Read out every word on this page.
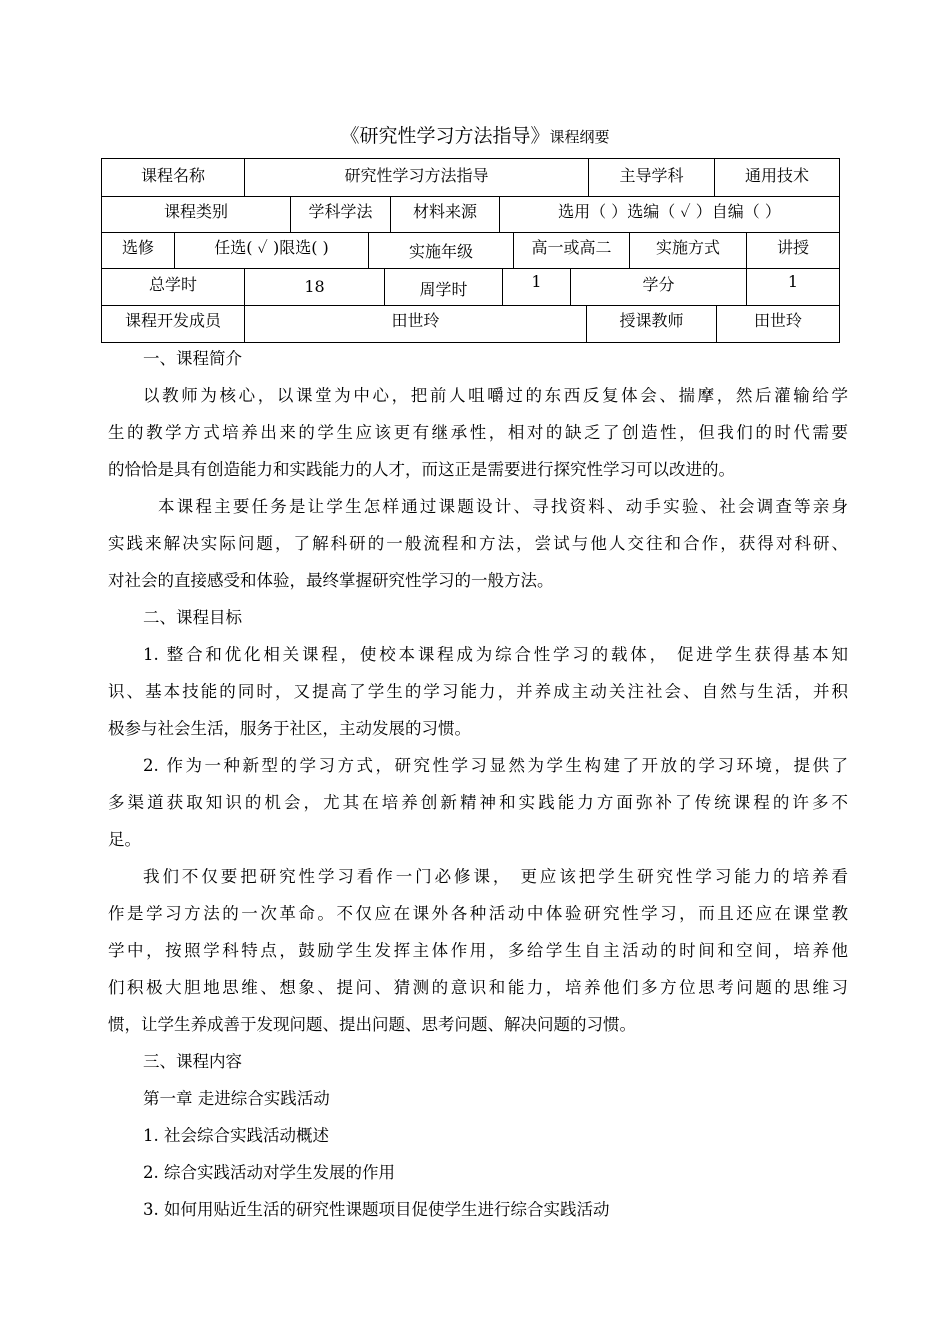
《研究性学习方法指导》课程纲要
课程名称	研究性学习方法指导	主导学科	通用技术
课程类别	学科学法	材料来源	选用（ ）选编（ ✓ ）自编（ ）
选修	任选( ✓ )限选( )	实施年级	高一或高二	实施方式	讲授
总学时	18	周学时	1	学分	1
课程开发成员	田世玲	授课教师	田世玲
一、课程简介
以教师为核心，以课堂为中心，把前人咀嚼过的东西反复体会、揣摩，然后灌输给学
生的教学方式培养出来的学生应该更有继承性，相对的缺乏了创造性，但我们的时代需要
的恰恰是具有创造能力和实践能力的人才，而这正是需要进行探究性学习可以改进的。
本课程主要任务是让学生怎样通过课题设计、寻找资料、动手实验、社会调查等亲身
实践来解决实际问题，了解科研的一般流程和方法，尝试与他人交往和合作，获得对科研、
对社会的直接感受和体验，最终掌握研究性学习的一般方法。
二、课程目标
1. 整合和优化相关课程，使校本课程成为综合性学习的载体， 促进学生获得基本知
识、基本技能的同时，又提高了学生的学习能力，并养成主动关注社会、自然与生活，并积
极参与社会生活，服务于社区，主动发展的习惯。
2. 作为一种新型的学习方式，研究性学习显然为学生构建了开放的学习环境，提供了
多渠道获取知识的机会，尤其在培养创新精神和实践能力方面弥补了传统课程的许多不
足。
我们不仅要把研究性学习看作一门必修课， 更应该把学生研究性学习能力的培养看
作是学习方法的一次革命。不仅应在课外各种活动中体验研究性学习，而且还应在课堂教
学中，按照学科特点，鼓励学生发挥主体作用，多给学生自主活动的时间和空间，培养他
们积极大胆地思维、想象、提问、猜测的意识和能力，培养他们多方位思考问题的思维习
惯，让学生养成善于发现问题、提出问题、思考问题、解决问题的习惯。
三、课程内容
第一章 走进综合实践活动
1. 社会综合实践活动概述
2. 综合实践活动对学生发展的作用
3. 如何用贴近生活的研究性课题项目促使学生进行综合实践活动
